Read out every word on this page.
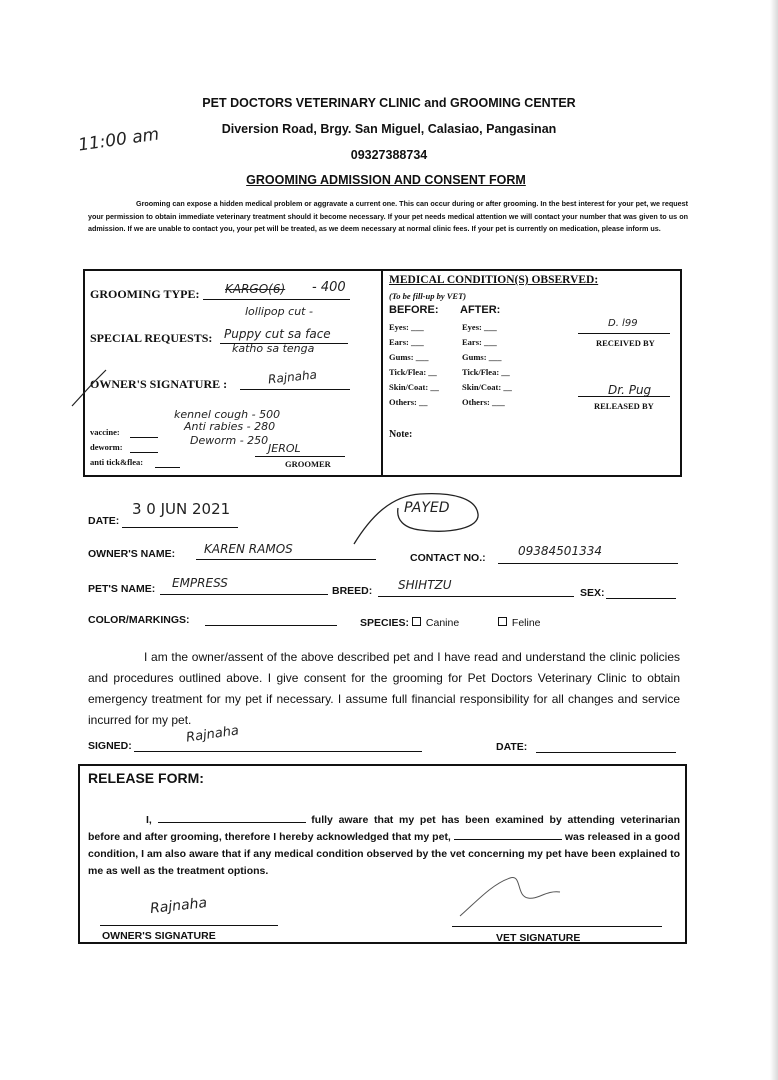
11:00 am
PET DOCTORS VETERINARY CLINIC and GROOMING CENTER
Diversion Road, Brgy. San Miguel, Calasiao, Pangasinan
09327388734
GROOMING ADMISSION AND CONSENT FORM
Grooming can expose a hidden medical problem or aggravate a current one. This can occur during or after grooming. In the best interest for your pet, we request your permission to obtain immediate veterinary treatment should it become necessary. If your pet needs medical attention we will contact your number that was given to us on admission. If we are unable to contact you, your pet will be treated, as we deem necessary at normal clinic fees. If your pet is currently on medication, please inform us.
GROOMING TYPE: KARGO(6) - 400
lollipop cut -
SPECIAL REQUESTS: Puppy cut sa face
katho sa tenga
OWNER'S SIGNATURE :	Rajnaha
kennel cough - 500
Anti rabies - 280
Deworm - 250
vaccine:
deworm:
anti tick&flea:
JEROL
GROOMER
MEDICAL CONDITION(S) OBSERVED:
(To be fill-up by VET)
BEFORE: AFTER:
Eyes: ___	Eyes: ___
Ears: ___	Ears: ___
Gums: ___	Gums: ___
Tick/Flea: __	Tick/Flea: __
Skin/Coat: __	Skin/Coat: __
Others: __	Others: ___
D. l99
RECEIVED BY
Dr. Pug
RELEASED BY
Note:
3 0 JUN 2021
DATE:
PAYED
OWNER'S NAME: KAREN RAMOS
CONTACT NO.:	09384501334
PET'S NAME: EMPRESS
BREED: SHIHTZU
SEX:
COLOR/MARKINGS:	SPECIES:	Canine	Feline
I am the owner/assent of the above described pet and I have read and understand the clinic policies and procedures outlined above. I give consent for the grooming for Pet Doctors Veterinary Clinic to obtain emergency treatment for my pet if necessary. I assume full financial responsibility for all changes and service incurred for my pet.
SIGNED:
Rajnaha
DATE:
RELEASE FORM:
I,	fully aware that my pet has been examined by attending veterinarian before and after grooming, therefore I hereby acknowledged that my pet,	was released in a good condition, I am also aware that if any medical condition observed by the vet concerning my pet have been explained to me as well as the treatment options.
Rajnaha
OWNER'S SIGNATURE	VET SIGNATURE
